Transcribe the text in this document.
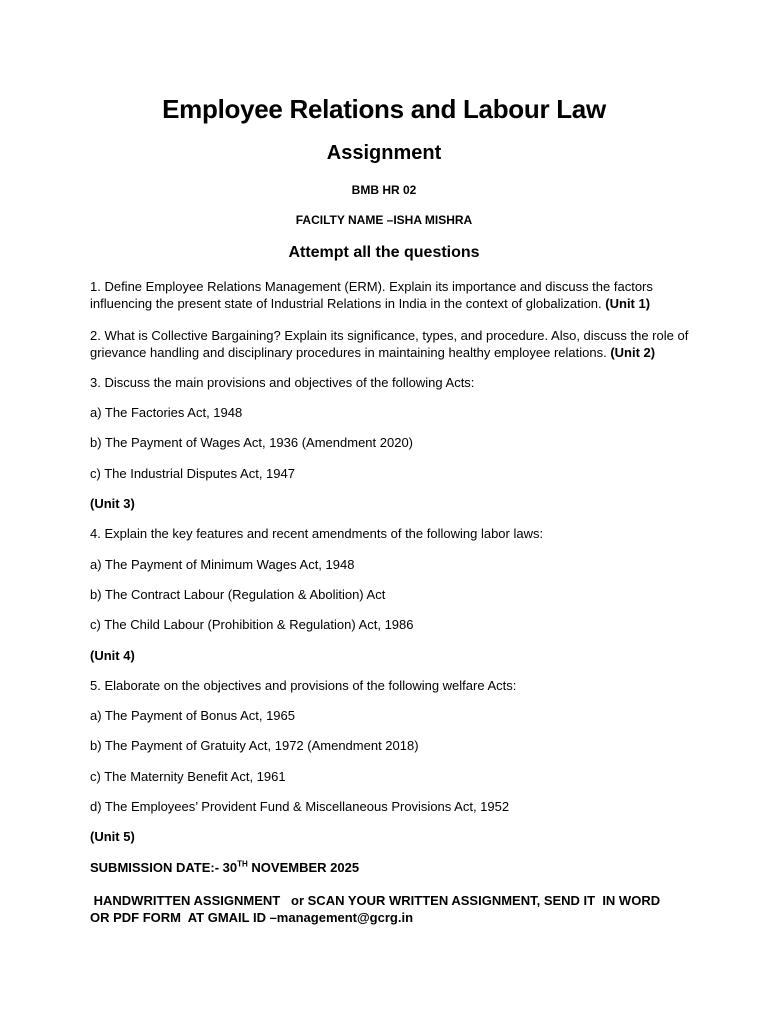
Employee Relations and Labour Law
Assignment
BMB HR 02
FACILTY NAME –ISHA MISHRA
Attempt all the questions
1. Define Employee Relations Management (ERM). Explain its importance and discuss the factors influencing the present state of Industrial Relations in India in the context of globalization. (Unit 1)
2. What is Collective Bargaining? Explain its significance, types, and procedure. Also, discuss the role of grievance handling and disciplinary procedures in maintaining healthy employee relations. (Unit 2)
3. Discuss the main provisions and objectives of the following Acts:
a) The Factories Act, 1948
b) The Payment of Wages Act, 1936 (Amendment 2020)
c) The Industrial Disputes Act, 1947
(Unit 3)
4. Explain the key features and recent amendments of the following labor laws:
a) The Payment of Minimum Wages Act, 1948
b) The Contract Labour (Regulation & Abolition) Act
c) The Child Labour (Prohibition & Regulation) Act, 1986
(Unit 4)
5. Elaborate on the objectives and provisions of the following welfare Acts:
a) The Payment of Bonus Act, 1965
b) The Payment of Gratuity Act, 1972 (Amendment 2018)
c) The Maternity Benefit Act, 1961
d) The Employees’ Provident Fund & Miscellaneous Provisions Act, 1952
(Unit 5)
SUBMISSION DATE:- 30TH NOVEMBER 2025
HANDWRITTEN ASSIGNMENT   or SCAN YOUR WRITTEN ASSIGNMENT, SEND IT  IN WORD OR PDF FORM  AT GMAIL ID –management@gcrg.in
